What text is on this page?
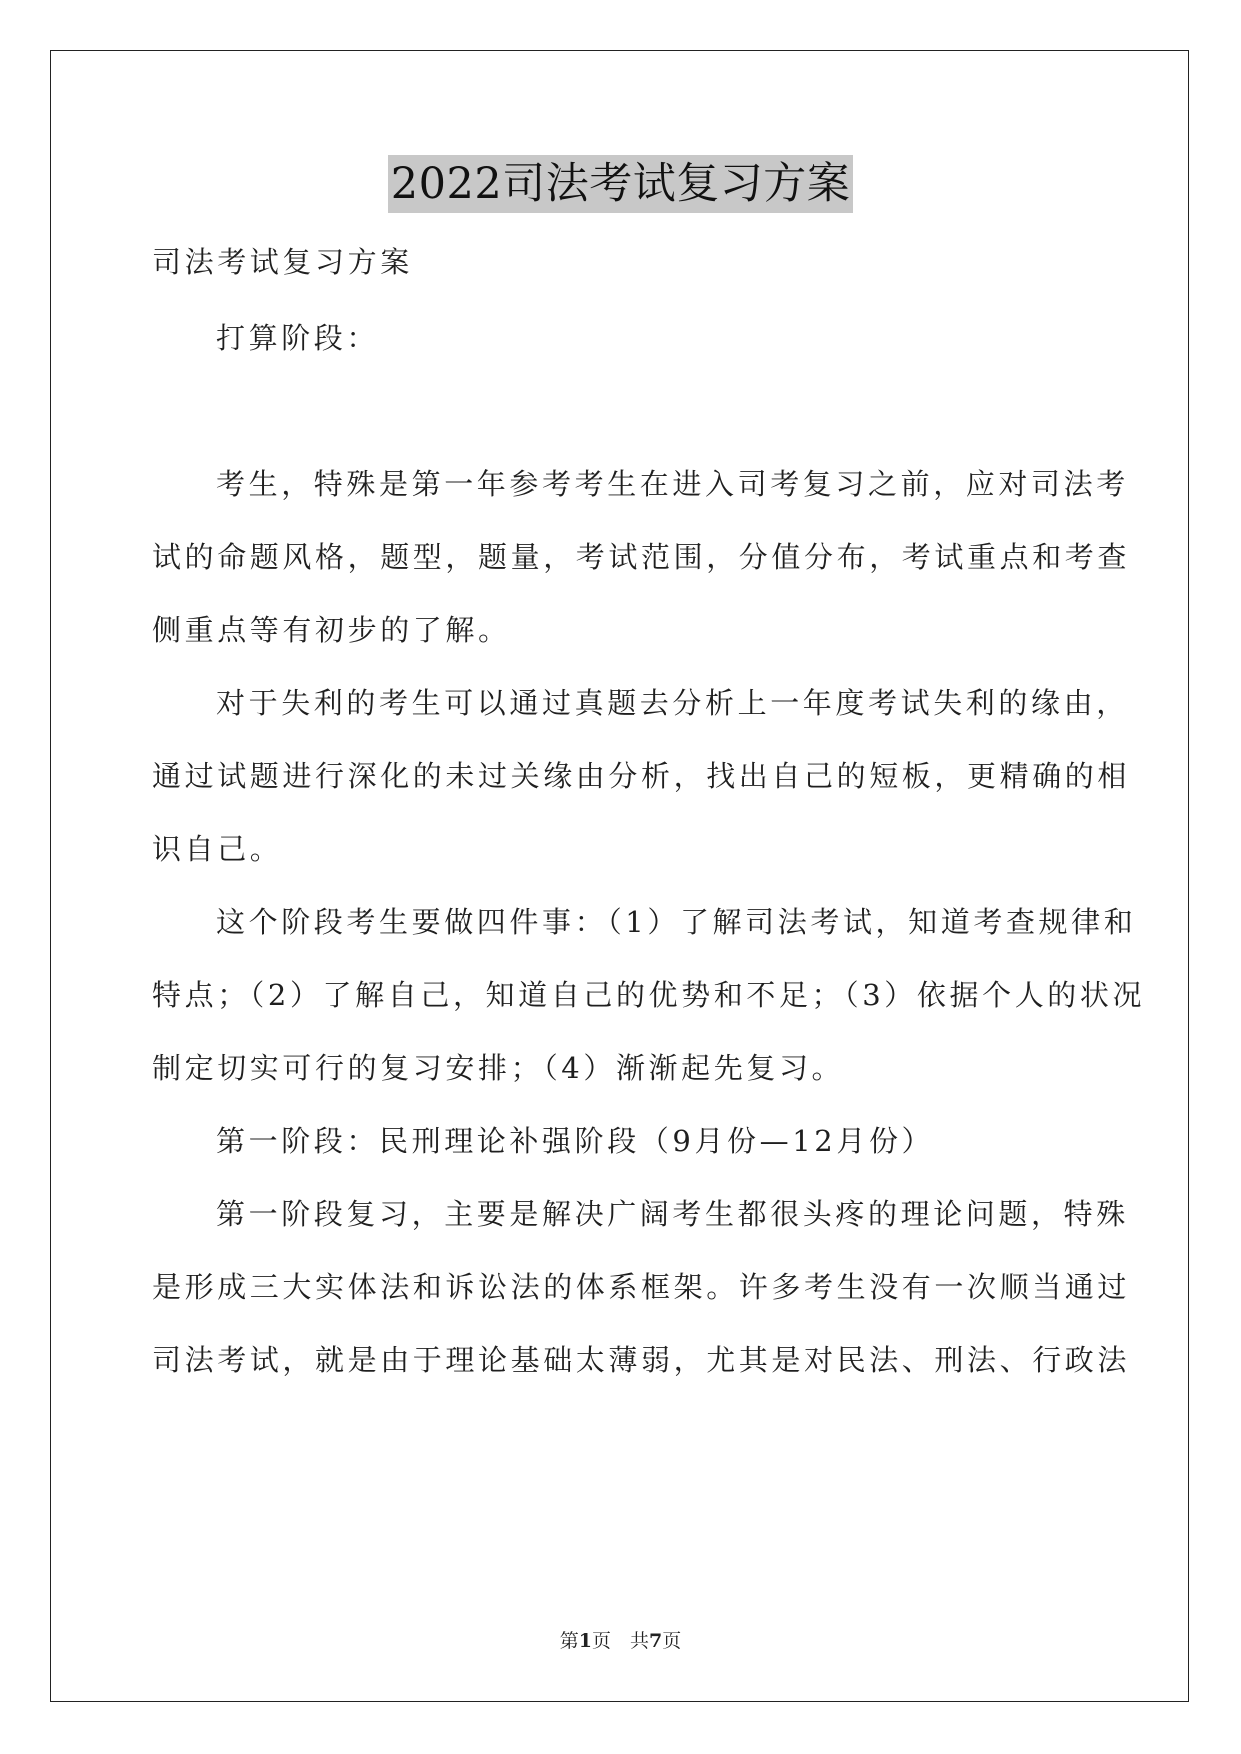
2022司法考试复习方案
司法考试复习方案
打算阶段：
考生，特殊是第一年参考考生在进入司考复习之前，应对司法考
试的命题风格，题型，题量，考试范围，分值分布，考试重点和考查
侧重点等有初步的了解。
对于失利的考生可以通过真题去分析上一年度考试失利的缘由，
通过试题进行深化的未过关缘由分析，找出自己的短板，更精确的相
识自己。
这个阶段考生要做四件事：（1）了解司法考试，知道考查规律和
特点；（2）了解自己，知道自己的优势和不足；（3）依据个人的状况
制定切实可行的复习安排；（4）渐渐起先复习。
第一阶段：民刑理论补强阶段（9月份—12月份）
第一阶段复习，主要是解决广阔考生都很头疼的理论问题，特殊
是形成三大实体法和诉讼法的体系框架。许多考生没有一次顺当通过
司法考试，就是由于理论基础太薄弱，尤其是对民法、刑法、行政法
第1页　共7页
